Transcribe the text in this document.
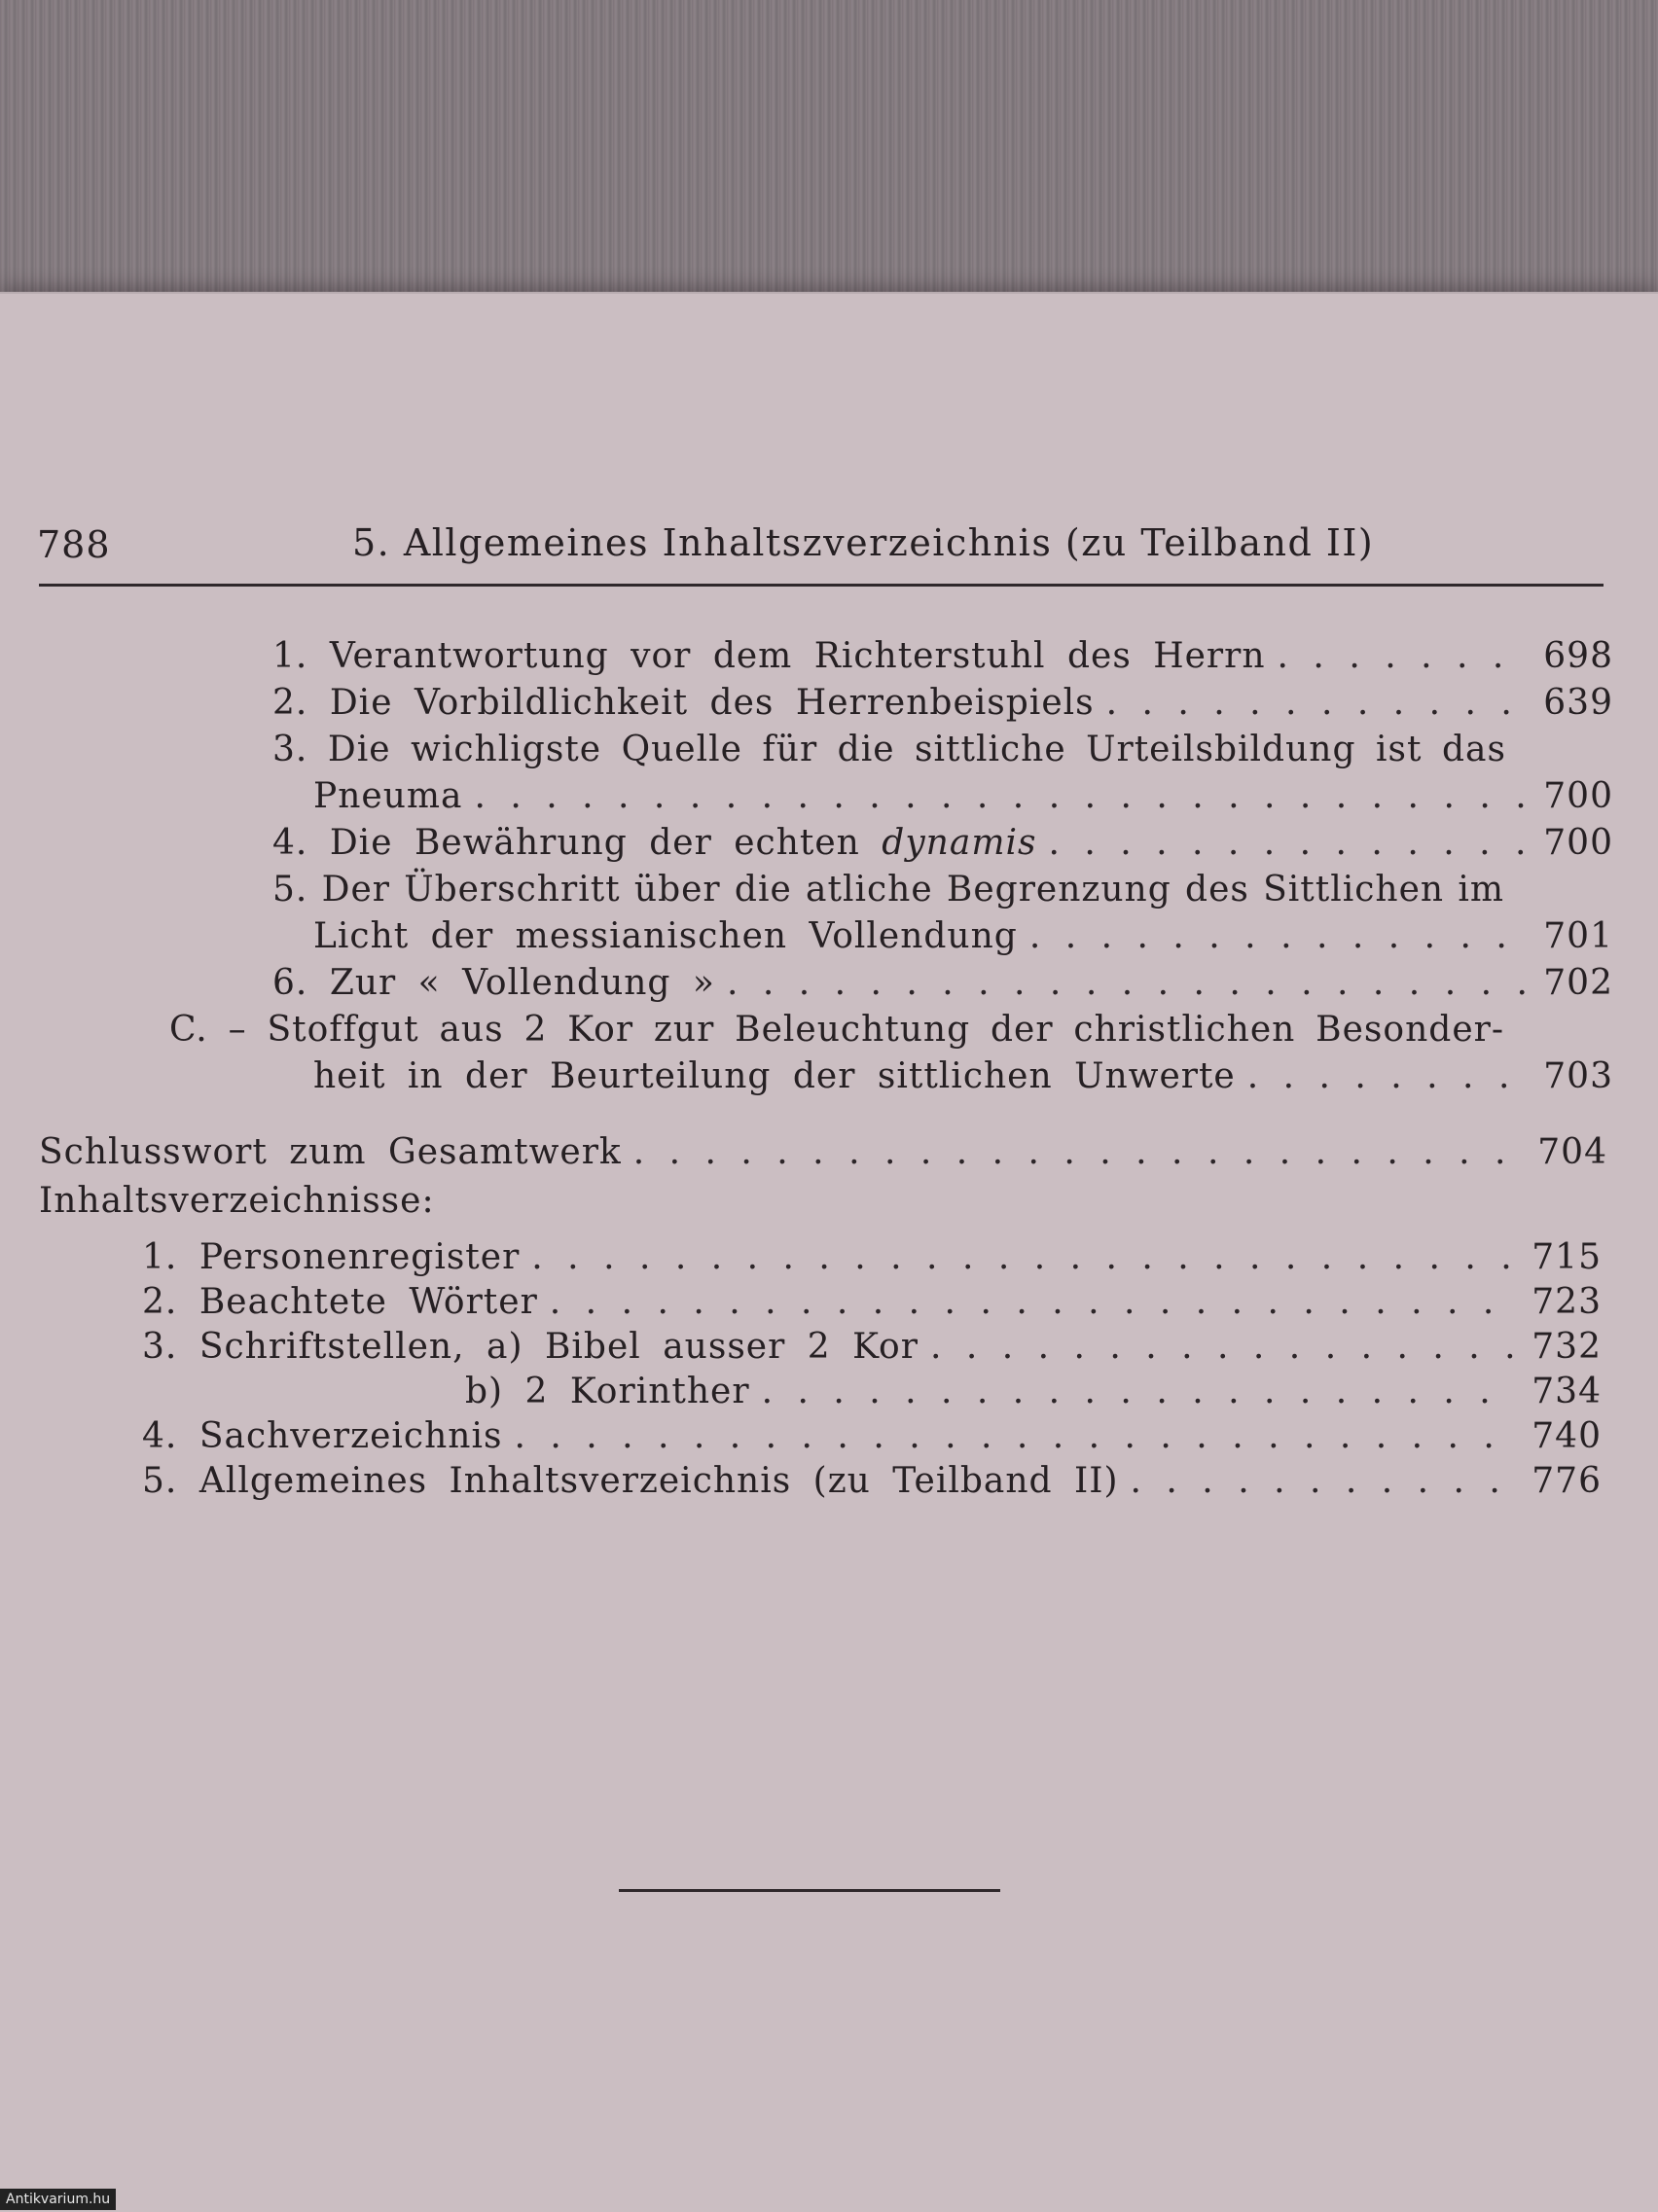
788	5. Allgemeines Inhaltszverzeichnis (zu Teilband II)
1. Verantwortung vor dem Richterstuhl des Herrn . . .	698
2. Die Vorbildlichkeit des Herrenbeispiels . . .	639
3. Die wichligste Quelle für die sittliche Urteilsbildung ist das
Pneuma . . .	700
4. Die Bewährung der echten dynamis . . .	700
5. Der Überschritt über die atliche Begrenzung des Sittlichen im
Licht der messianischen Vollendung . . .	701
6. Zur « Vollendung » . . .	702
C. – Stoffgut aus 2 Kor zur Beleuchtung der christlichen Besonder-
heit in der Beurteilung der sittlichen Unwerte . . .	703
Schlusswort zum Gesamtwerk . . .	704
Inhaltsverzeichnisse:
1. Personenregister . . .	715
2. Beachtete Wörter . . .	723
3. Schriftstellen, a) Bibel ausser 2 Kor . . .	732
b) 2 Korinther . . .	734
4. Sachverzeichnis . . .	740
5. Allgemeines Inhaltsverzeichnis (zu Teilband II) . . .	776
Antikvarium.hu
